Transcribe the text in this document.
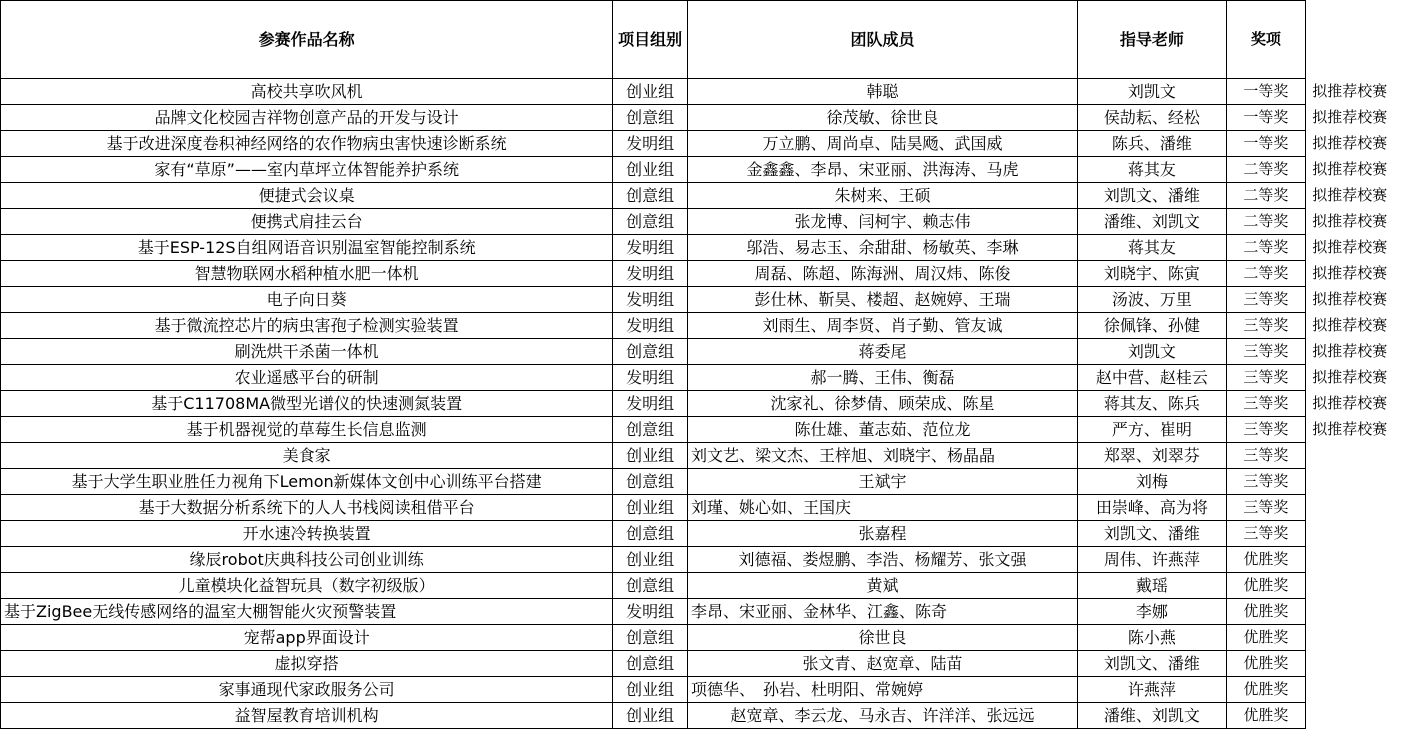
参赛作品名称	项目组别	团队成员	指导老师	奖项	
高校共享吹风机	创业组	韩聪	刘凯文	一等奖	拟推荐校赛
品牌文化校园吉祥物创意产品的开发与设计	创意组	徐茂敏、徐世良	侯劼耘、经松	一等奖	拟推荐校赛
基于改进深度卷积神经网络的农作物病虫害快速诊断系统	发明组	万立鹏、周尚卓、陆昊飏、武国威	陈兵、潘维	一等奖	拟推荐校赛
家有“草原”——室内草坪立体智能养护系统	创业组	金鑫鑫、李昂、宋亚丽、洪海涛、马虎	蒋其友	二等奖	拟推荐校赛
便捷式会议桌	创意组	朱树来、王硕	刘凯文、潘维	二等奖	拟推荐校赛
便携式肩挂云台	创意组	张龙博、闫柯宇、赖志伟	潘维、刘凯文	二等奖	拟推荐校赛
基于ESP-12S自组网语音识别温室智能控制系统	发明组	邬浩、易志玉、余甜甜、杨敏英、李琳	蒋其友	二等奖	拟推荐校赛
智慧物联网水稻种植水肥一体机	发明组	周磊、陈超、陈海洲、周汉炜、陈俊	刘晓宇、陈寅	二等奖	拟推荐校赛
电子向日葵	发明组	彭仕林、靳昊、楼超、赵婉婷、王瑞	汤波、万里	三等奖	拟推荐校赛
基于微流控芯片的病虫害孢子检测实验装置	发明组	刘雨生、周李贤、肖子勤、管友诚	徐佩锋、孙健	三等奖	拟推荐校赛
刷洗烘干杀菌一体机	创意组	蒋委尾	刘凯文	三等奖	拟推荐校赛
农业遥感平台的研制	发明组	郝一腾、王伟、衡磊	赵中营、赵桂云	三等奖	拟推荐校赛
基于C11708MA微型光谱仪的快速测氮装置	发明组	沈家礼、徐梦倩、顾荣成、陈星	蒋其友、陈兵	三等奖	拟推荐校赛
基于机器视觉的草莓生长信息监测	创意组	陈仕雄、董志茹、范位龙	严方、崔明	三等奖	拟推荐校赛
美食家	创业组	刘文艺、梁文杰、王梓旭、刘晓宇、杨晶晶	郑翠、刘翠芬	三等奖	
基于大学生职业胜任力视角下Lemon新媒体文创中心训练平台搭建	创意组	王斌宇	刘梅	三等奖	
基于大数据分析系统下的人人书栈阅读租借平台	创业组	刘瑾、姚心如、王国庆	田崇峰、高为将	三等奖	
开水速冷转换装置	创意组	张嘉程	刘凯文、潘维	三等奖	
缘辰robot庆典科技公司创业训练	创业组	刘德福、娄煜鹏、李浩、杨耀芳、张文强	周伟、许燕萍	优胜奖	
儿童模块化益智玩具（数字初级版）	创意组	黄斌	戴瑶	优胜奖	
基于ZigBee无线传感网络的温室大棚智能火灾预警装置	发明组	李昂、宋亚丽、金林华、江鑫、陈奇	李娜	优胜奖	
宠帮app界面设计	创意组	徐世良	陈小燕	优胜奖	
虚拟穿搭	创意组	张文青、赵宽章、陆苗	刘凯文、潘维	优胜奖	
家事通现代家政服务公司	创业组	项德华、　孙岩、杜明阳、常婉婷	许燕萍	优胜奖	
益智屋教育培训机构	创业组	赵宽章、李云龙、马永吉、许洋洋、张远远	潘维、刘凯文	优胜奖	
